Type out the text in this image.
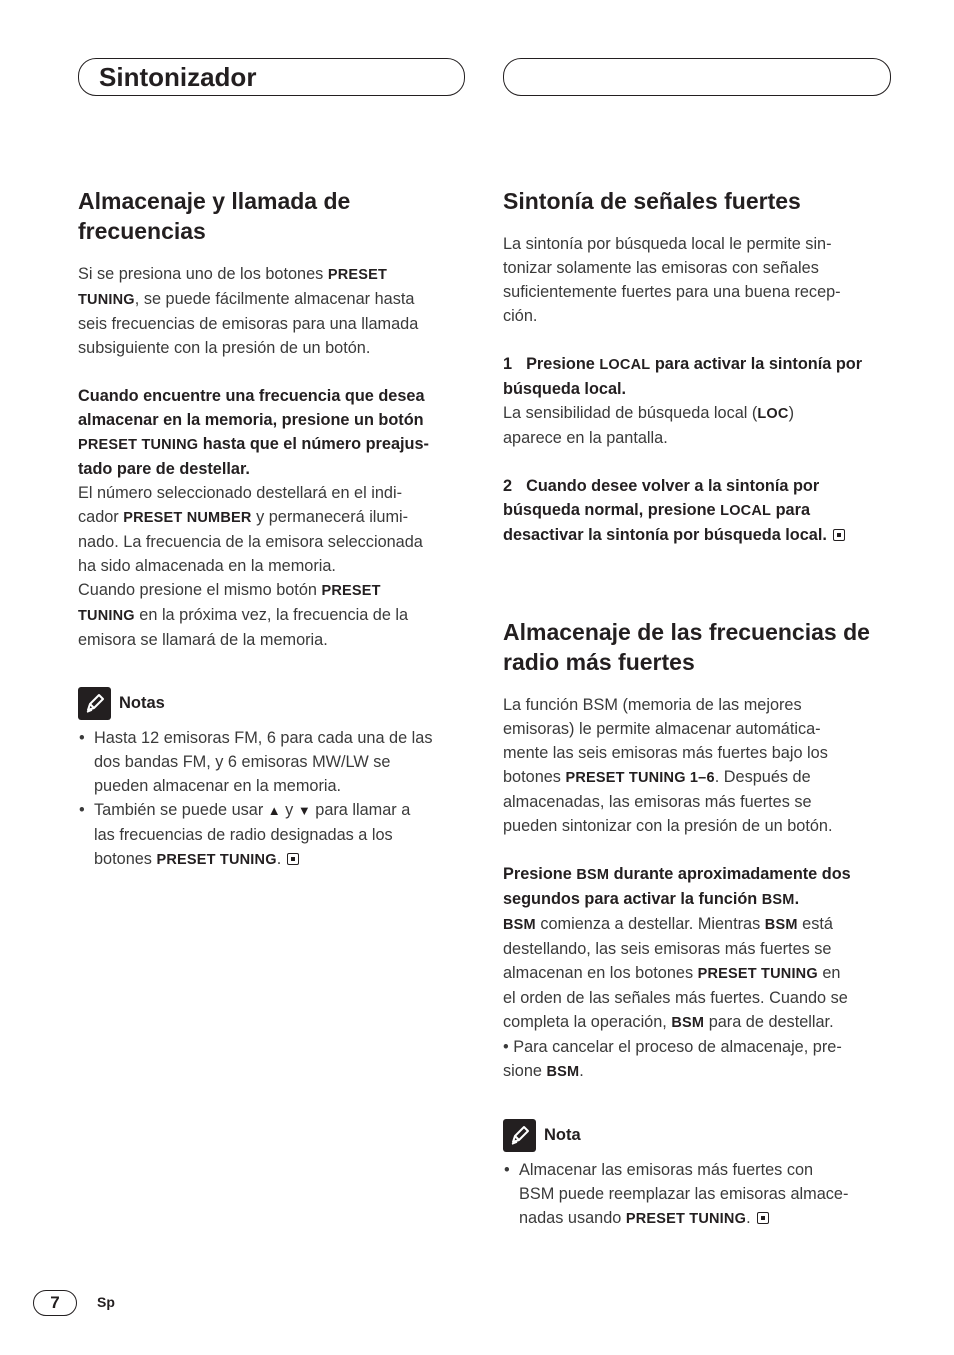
Sintonizador
Almacenaje y llamada de
frecuencias

Si se presiona uno de los botones PRESET
TUNING, se puede fácilmente almacenar hasta
seis frecuencias de emisoras para una llamada
subsiguiente con la presión de un botón.

Cuando encuentre una frecuencia que desea
almacenar en la memoria, presione un botón
PRESET TUNING hasta que el número preajus-
tado pare de destellar.

El número seleccionado destellará en el indi-
cador PRESET NUMBER y permanecerá ilumi-
nado. La frecuencia de la emisora seleccionada
ha sido almacenada en la memoria.

Cuando presione el mismo botón PRESET
TUNING en la próxima vez, la frecuencia de la
emisora se llamará de la memoria.

Notas
• Hasta 12 emisoras FM, 6 para cada una de las
dos bandas FM, y 6 emisoras MW/LW se
pueden almacenar en la memoria.
• También se puede usar ▲ y ▼ para llamar a
las frecuencias de radio designadas a los
botones PRESET TUNING.
Sintonía de señales fuertes

La sintonía por búsqueda local le permite sin-
tonizar solamente las emisoras con señales
suficientemente fuertes para una buena recep-
ción.

1 Presione LOCAL para activar la sintonía por
búsqueda local.

La sensibilidad de búsqueda local (LOC)
aparece en la pantalla.

2 Cuando desee volver a la sintonía por
búsqueda normal, presione LOCAL para
desactivar la sintonía por búsqueda local.

Almacenaje de las frecuencias de
radio más fuertes

La función BSM (memoria de las mejores
emisoras) le permite almacenar automática-
mente las seis emisoras más fuertes bajo los
botones PRESET TUNING 1–6. Después de
almacenadas, las emisoras más fuertes se
pueden sintonizar con la presión de un botón.

Presione BSM durante aproximadamente dos
segundos para activar la función BSM.

BSM comienza a destellar. Mientras BSM está
destellando, las seis emisoras más fuertes se
almacenan en los botones PRESET TUNING en
el orden de las señales más fuertes. Cuando se
completa la operación, BSM para de destellar.
• Para cancelar el proceso de almacenaje, pre-
sione BSM.

Nota
• Almacenar las emisoras más fuertes con
BSM puede reemplazar las emisoras almace-
nadas usando PRESET TUNING.
7	Sp
